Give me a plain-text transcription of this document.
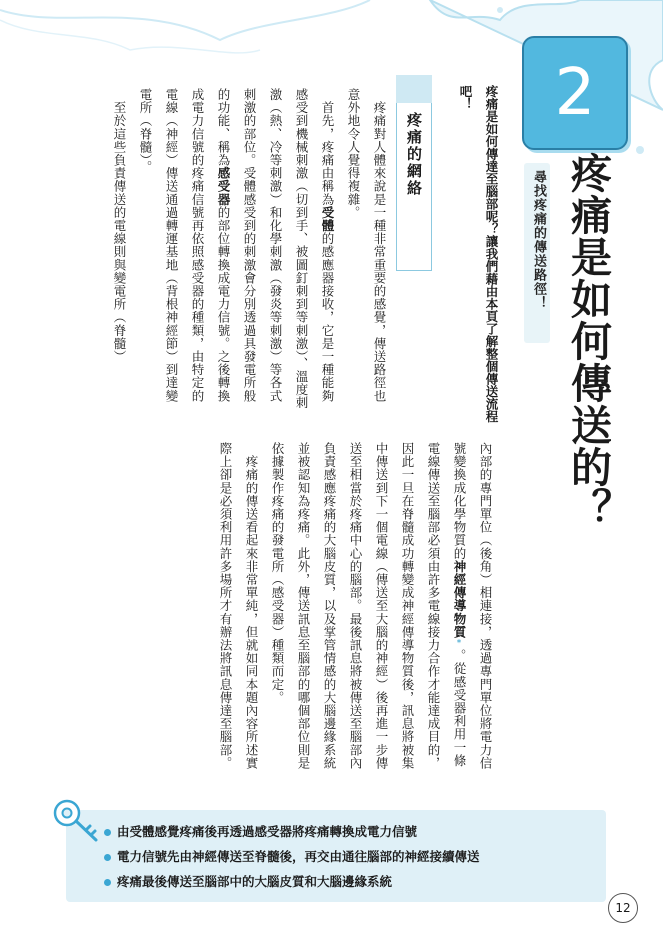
2
疼痛是如何傳送的？
尋找疼痛的傳送路徑！
疼痛是如何傳達至腦部呢？讓我們藉由本頁了解整個傳送流程吧！
疼痛的網絡
　疼痛對人體來說是一種非常重要的感覺，傳送路徑也意外地令人覺得複雜。
　首先，疼痛由稱為受體的感應器接收，它是一種能夠感受到機械刺激（切到手、被圖釘刺到等刺激）、溫度刺激（熱、冷等刺激）和化學刺激（發炎等刺激）等各式刺激的部位。受體感受到的刺激會分別透過具發電所般的功能、稱為感受器的部位轉換成電力信號。之後轉換成電力信號的疼痛信號再依照感受器的種類，由特定的電線（神經）傳送通過轉運基地（背根神經節）到達變電所（脊髓）。
　至於這些負責傳送的電線則與變電所（脊髓）
內部的專門單位（後角）相連接，透過專門單位將電力信號變換成化學物質的神經傳導物質*。從感受器利用一條電線傳送至腦部必須由許多電線接力合作才能達成目的，因此一旦在脊髓成功轉變成神經傳導物質後，訊息將被集中傳送到下一個電線（傳送至大腦的神經）後再進一步傳送至相當於疼痛中心的腦部。最後訊息將被傳送至腦部內負責感應疼痛的大腦皮質，以及掌管情感的大腦邊緣系統並被認知為疼痛。此外，傳送訊息至腦部的哪個部位則是依據製作疼痛的發電所（感受器）種類而定。
　疼痛的傳送看起來非常單純，但就如同本題內容所述實際上卻是必須利用許多場所才有辦法將訊息傳達至腦部。
由受體感覺疼痛後再透過感受器將疼痛轉換成電力信號
電力信號先由神經傳送至脊髓後，再交由通往腦部的神經接續傳送
疼痛最後傳送至腦部中的大腦皮質和大腦邊緣系統
12
